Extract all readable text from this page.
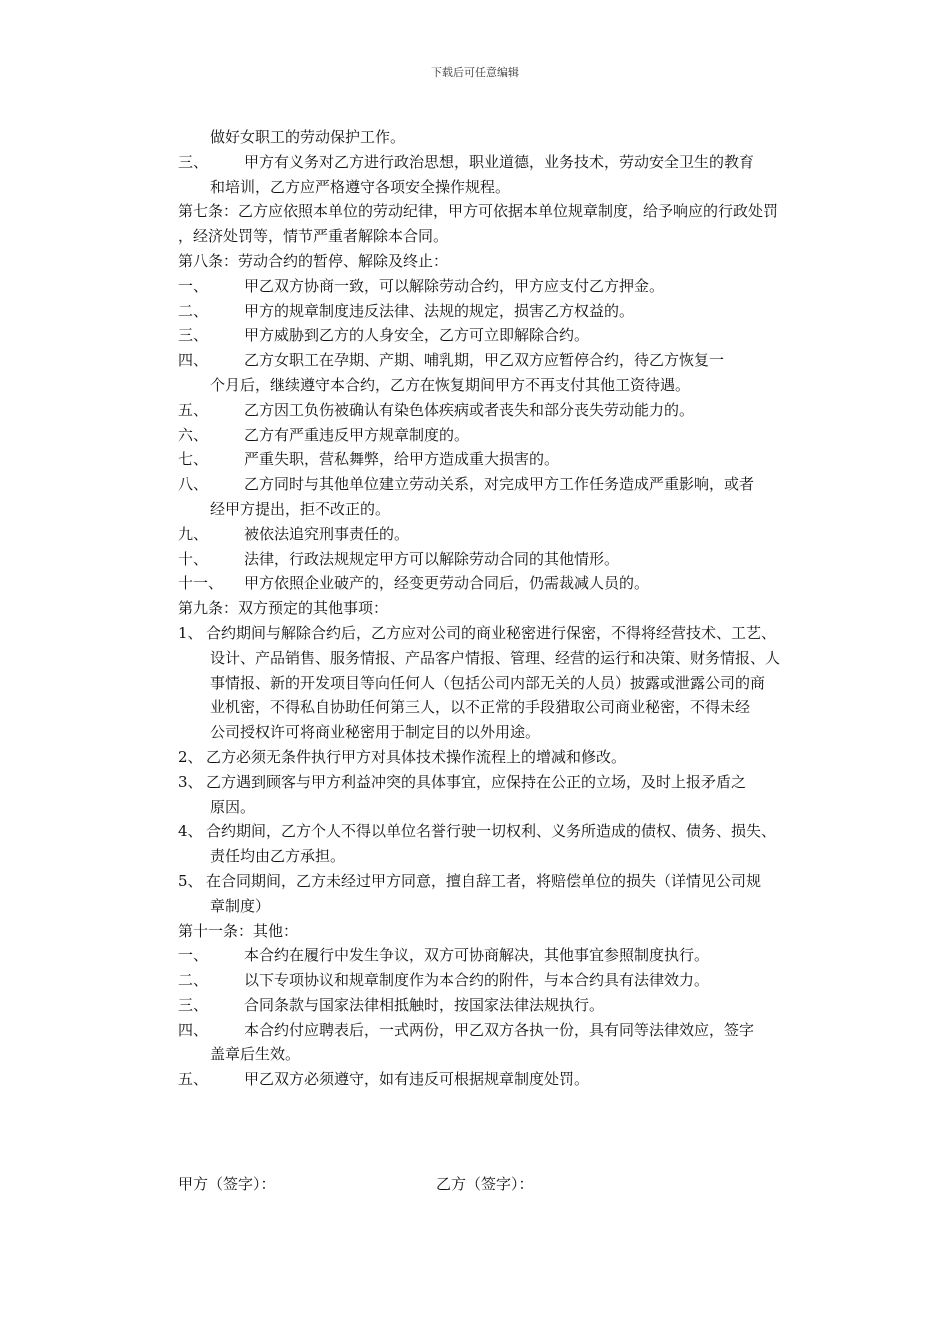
下载后可任意编辑
做好女职工的劳动保护工作。
三、 甲方有义务对乙方进行政治思想，职业道德，业务技术，劳动安全卫生的教育
和培训，乙方应严格遵守各项安全操作规程。
第七条：乙方应依照本单位的劳动纪律，甲方可依据本单位规章制度，给予响应的行政处罚
，经济处罚等，情节严重者解除本合同。
第八条：劳动合约的暂停、解除及终止：
一、 甲乙双方协商一致，可以解除劳动合约，甲方应支付乙方押金。
二、 甲方的规章制度违反法律、法规的规定，损害乙方权益的。
三、 甲方威胁到乙方的人身安全，乙方可立即解除合约。
四、 乙方女职工在孕期、产期、哺乳期，甲乙双方应暂停合约，待乙方恢复一
个月后，继续遵守本合约，乙方在恢复期间甲方不再支付其他工资待遇。
五、 乙方因工负伤被确认有染色体疾病或者丧失和部分丧失劳动能力的。
六、 乙方有严重违反甲方规章制度的。
七、 严重失职，营私舞弊，给甲方造成重大损害的。
八、 乙方同时与其他单位建立劳动关系，对完成甲方工作任务造成严重影响，或者
经甲方提出，拒不改正的。
九、 被依法追究刑事责任的。
十、 法律，行政法规规定甲方可以解除劳动合同的其他情形。
十一、 甲方依照企业破产的，经变更劳动合同后，仍需裁减人员的。
第九条：双方预定的其他事项：
1、 合约期间与解除合约后，乙方应对公司的商业秘密进行保密，不得将经营技术、工艺、
设计、产品销售、服务情报、产品客户情报、管理、经营的运行和决策、财务情报、人
事情报、新的开发项目等向任何人（包括公司内部无关的人员）披露或泄露公司的商
业机密，不得私自协助任何第三人，以不正常的手段猎取公司商业秘密，不得未经
公司授权许可将商业秘密用于制定目的以外用途。
2、 乙方必须无条件执行甲方对具体技术操作流程上的增减和修改。
3、 乙方遇到顾客与甲方利益冲突的具体事宜，应保持在公正的立场，及时上报矛盾之
原因。
4、 合约期间，乙方个人不得以单位名誉行驶一切权利、义务所造成的债权、债务、损失、
责任均由乙方承担。
5、 在合同期间，乙方未经过甲方同意，擅自辞工者，将赔偿单位的损失（详情见公司规
章制度）
第十一条：其他：
一、 本合约在履行中发生争议，双方可协商解决，其他事宜参照制度执行。
二、 以下专项协议和规章制度作为本合约的附件，与本合约具有法律效力。
三、 合同条款与国家法律相抵触时，按国家法律法规执行。
四、 本合约付应聘表后，一式两份，甲乙双方各执一份，具有同等法律效应，签字
盖章后生效。
五、 甲乙双方必须遵守，如有违反可根据规章制度处罚。
甲方（签字）：	乙方（签字）：
